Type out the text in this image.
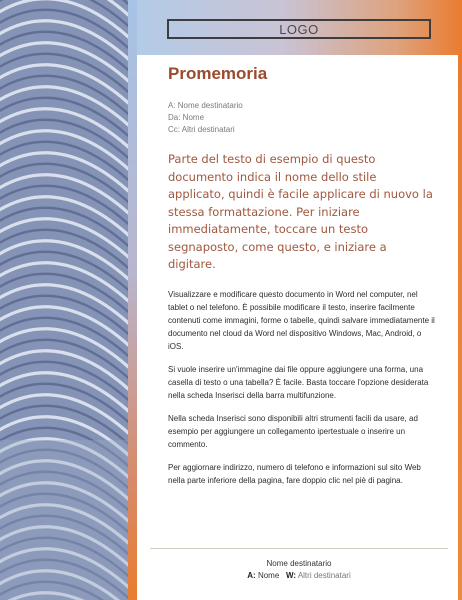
LOGO
Promemoria

A: Nome destinatario

Da: Nome

Cc: Altri destinatari

Parte del testo di esempio di questo documento indica il nome dello stile applicato, quindi è facile applicare di nuovo la stessa formattazione. Per iniziare immediatamente, toccare un testo segnaposto, come questo, e iniziare a digitare.

Visualizzare e modificare questo documento in Word nel computer, nel tablet o nel telefono. È possibile modificare il testo, inserire facilmente contenuti come immagini, forme o tabelle, quindi salvare immediatamente il documento nel cloud da Word nel dispositivo Windows, Mac, Android, o iOS.

Si vuole inserire un'immagine dai file oppure aggiungere una forma, una casella di testo o una tabella? È facile. Basta toccare l'opzione desiderata nella scheda Inserisci della barra multifunzione.

Nella scheda Inserisci sono disponibili altri strumenti facili da usare, ad esempio per aggiungere un collegamento ipertestuale o inserire un commento.

Per aggiornare indirizzo, numero di telefono e informazioni sul sito Web nella parte inferiore della pagina, fare doppio clic nel piè di pagina.

Nome destinatario
A: Nome W: Altri destinatari
